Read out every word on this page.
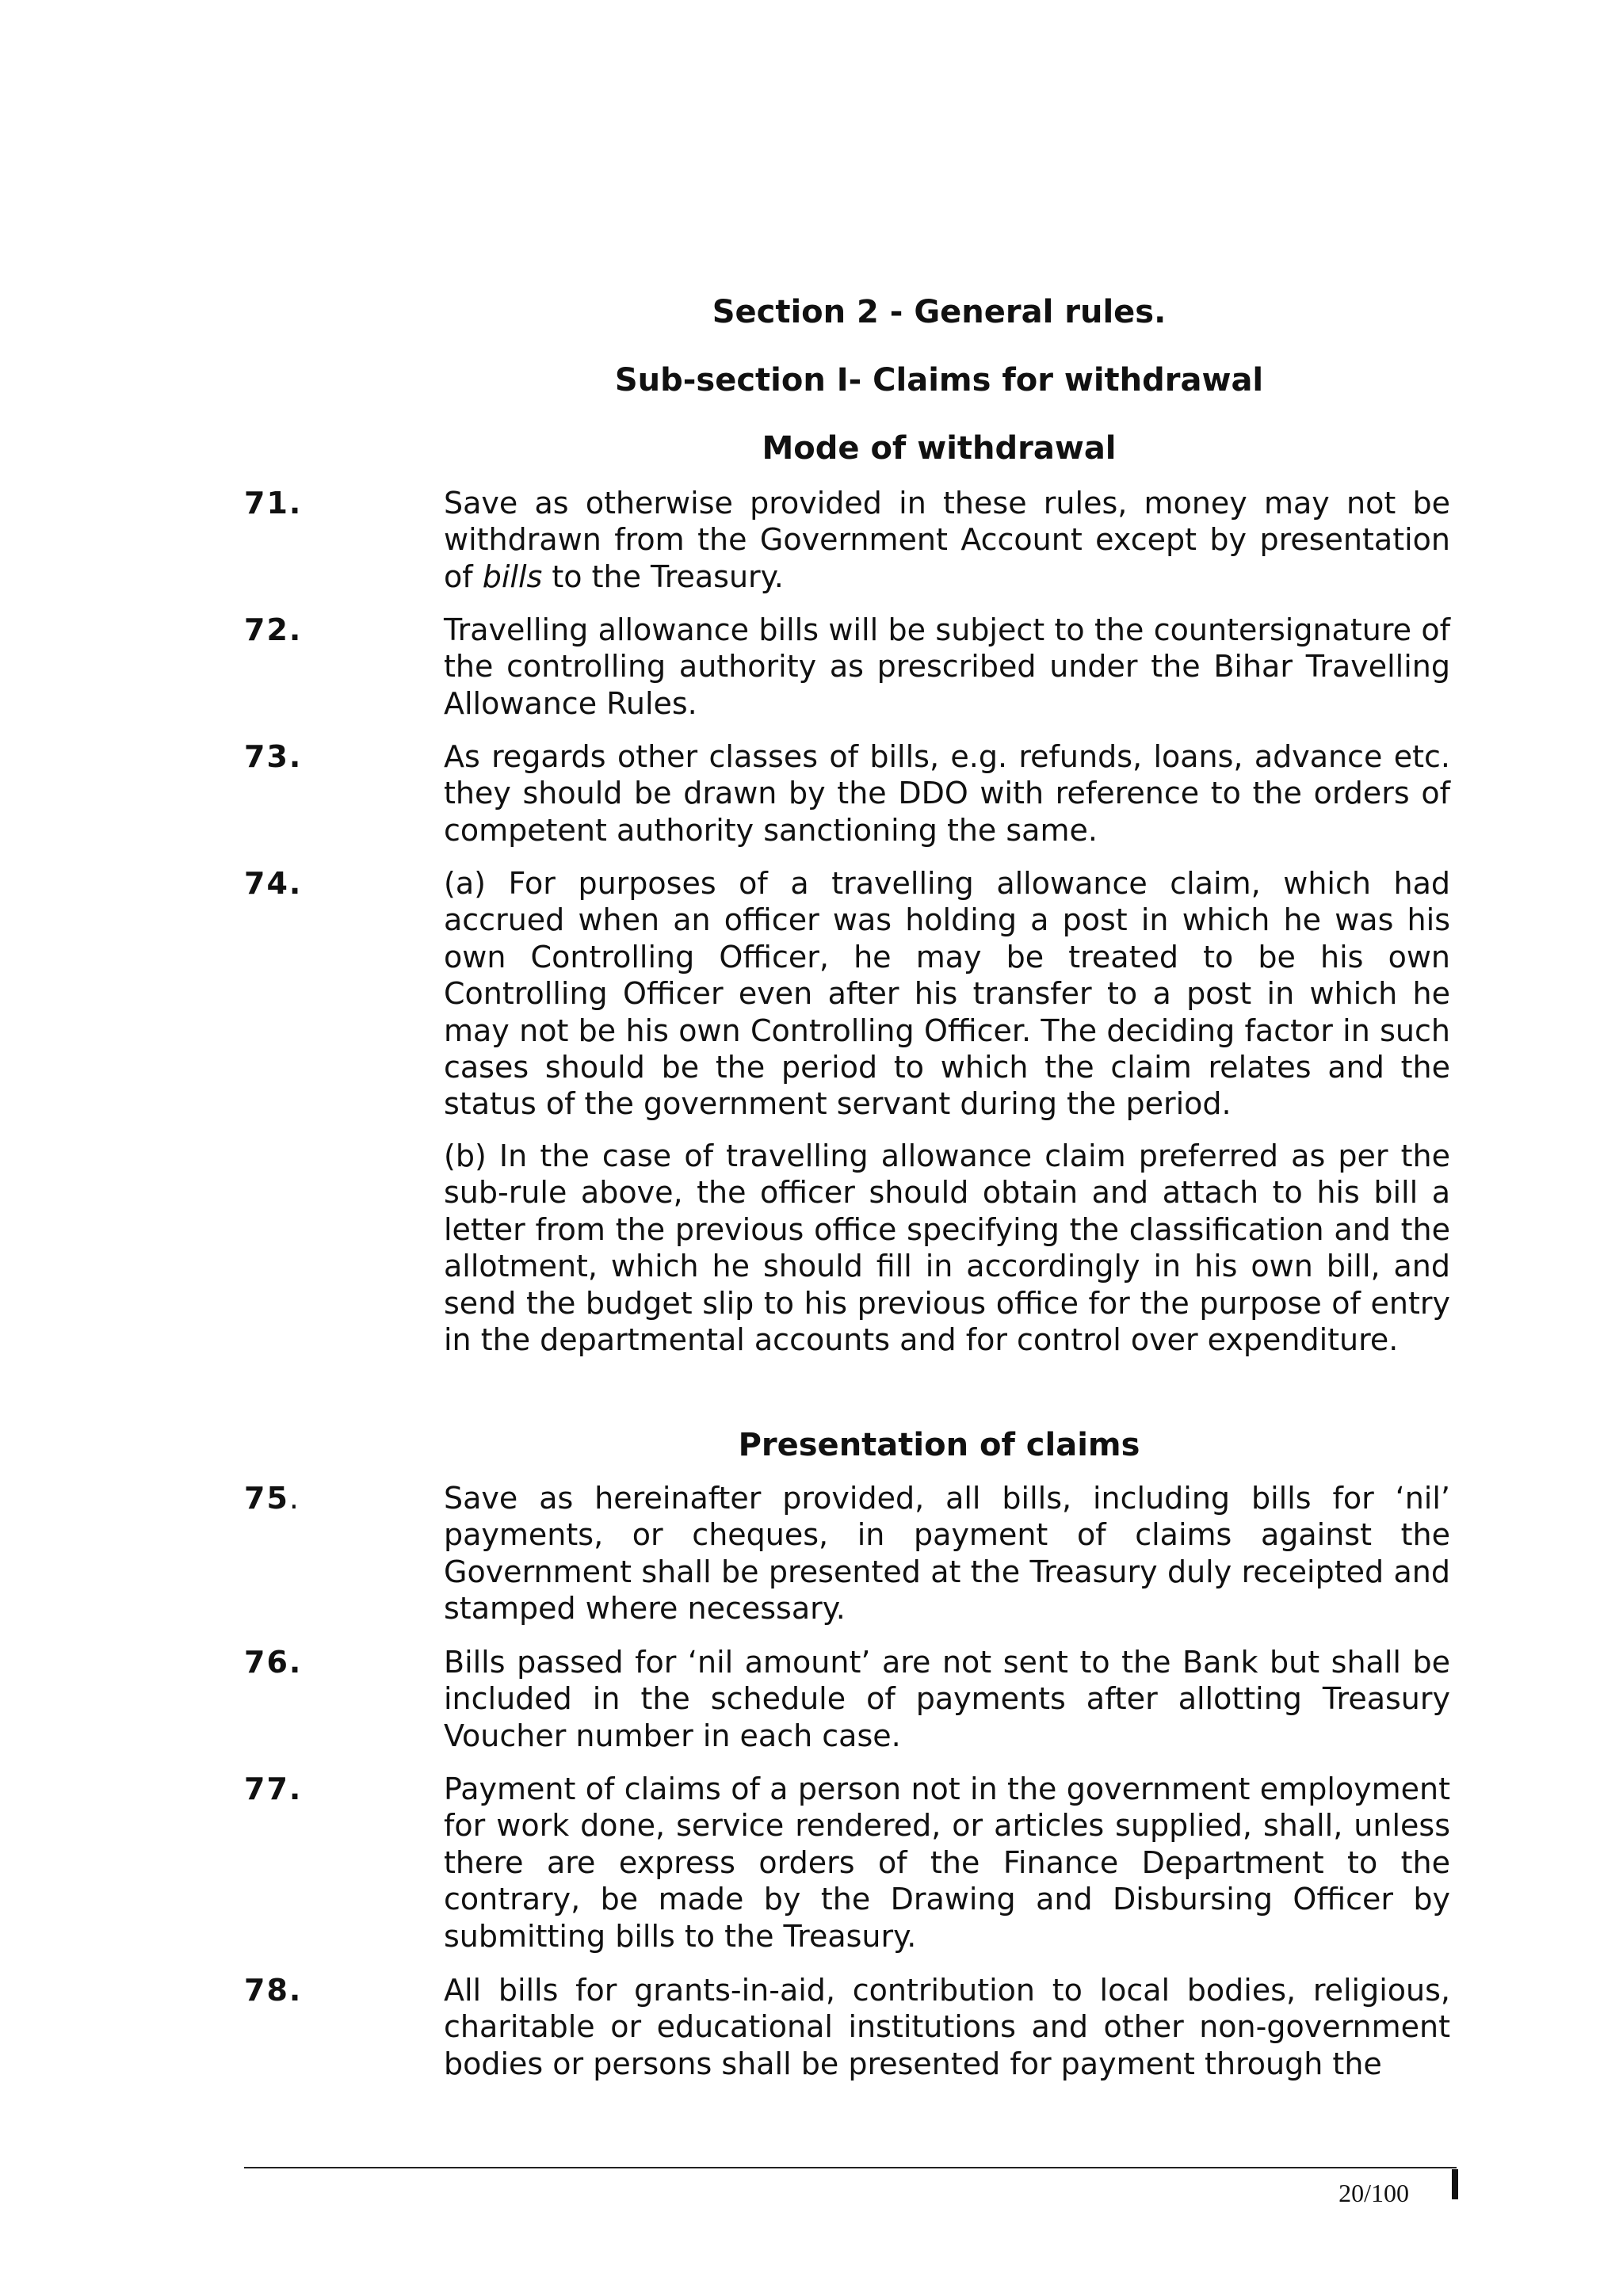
Section 2 - General rules.
Sub-section I- Claims for withdrawal
Mode of withdrawal
71.	Save as otherwise provided in these rules, money may not be withdrawn from the Government Account except by presentation of bills to the Treasury.

72.	Travelling allowance bills will be subject to the countersignature of the controlling authority as prescribed under the Bihar Travelling Allowance Rules.

73.	As regards other classes of bills, e.g. refunds, loans, advance etc. they should be drawn by the DDO with reference to the orders of competent authority sanctioning the same.

74.	(a) For purposes of a travelling allowance claim, which had accrued when an officer was holding a post in which he was his own Controlling Officer, he may be treated to be his own Controlling Officer even after his transfer to a post in which he may not be his own Controlling Officer. The deciding factor in such cases should be the period to which the claim relates and the status of the government servant during the period.

(b) In the case of travelling allowance claim preferred as per the sub-rule above, the officer should obtain and attach to his bill a letter from the previous office specifying the classification and the allotment, which he should fill in accordingly in his own bill, and send the budget slip to his previous office for the purpose of entry in the departmental accounts and for control over expenditure.

Presentation of claims
75.	Save as hereinafter provided, all bills, including bills for ‘nil’ payments, or cheques, in payment of claims against the Government shall be presented at the Treasury duly receipted and stamped where necessary.

76.	Bills passed for ‘nil amount’ are not sent to the Bank but shall be included in the schedule of payments after allotting Treasury Voucher number in each case.

77.	Payment of claims of a person not in the government employment for work done, service rendered, or articles supplied, shall, unless there are express orders of the Finance Department to the contrary, be made by the Drawing and Disbursing Officer by submitting bills to the Treasury.

78.	All bills for grants-in-aid, contribution to local bodies, religious, charitable or educational institutions and other non-government bodies or persons shall be presented for payment through the

20/100
